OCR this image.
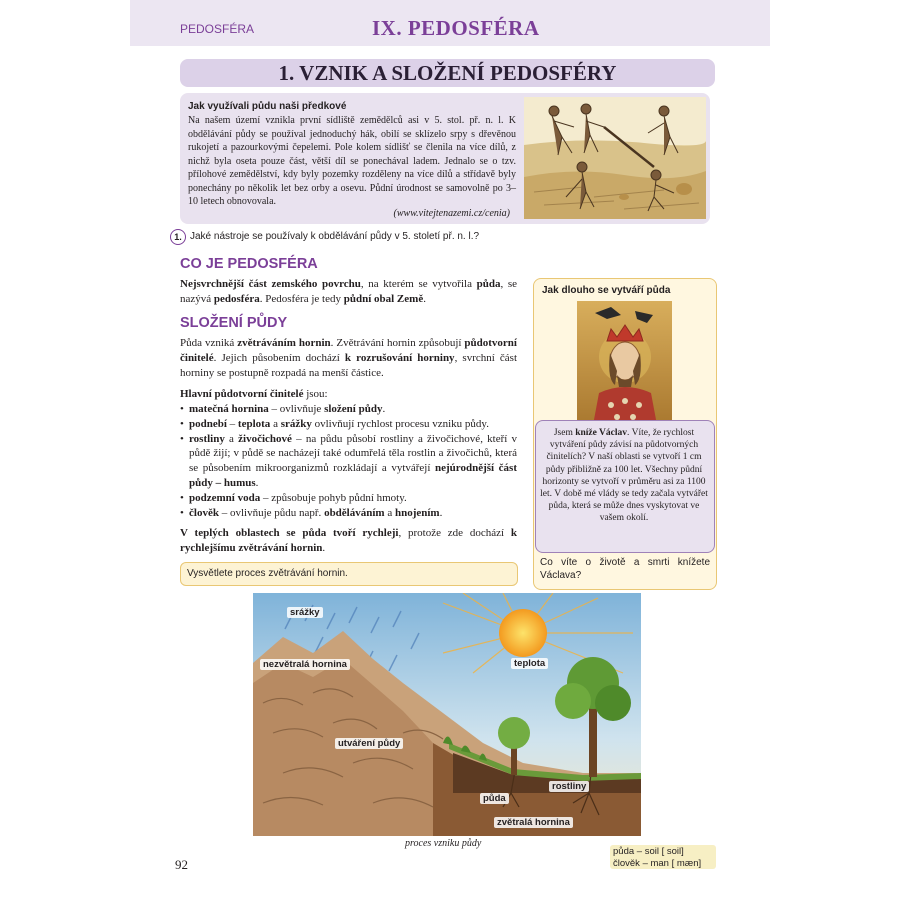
PEDOSFÉRA	IX. PEDOSFÉRA
1. VZNIK A SLOŽENÍ PEDOSFÉRY
Jak využívali půdu naši předkové
Na našem území vznikla první sídliště zemědělců asi v 5. stol. př. n. l. K obdělávání půdy se používal jednoduchý hák, obilí se sklízelo srpy s dřevěnou rukojetí a pazourkovými čepelemi. Pole kolem sídlišť se členila na více dílů, z nichž byla oseta pouze část, větší díl se ponechával ladem. Jednalo se o tzv. přílohové zemědělství, kdy byly pozemky rozděleny na více dílů a střídavě byly ponechány po několik let bez orby a osevu. Půdní úrodnost se samovolně po 3–10 letech obnovovala.
(www.vitejtenazemi.cz/cenia)
1. Jaké nástroje se používaly k obdělávání půdy v 5. století př. n. l.?
CO JE PEDOSFÉRA
Nejsvrchnější část zemského povrchu, na kterém se vytvořila půda, se nazývá pedosféra. Pedosféra je tedy půdní obal Země.
SLOŽENÍ PŮDY
Půda vzniká zvětráváním hornin. Zvětrávání hornin způsobují půdotvorní činitelé. Jejich působením dochází k rozrušování horniny, svrchní část horniny se postupně rozpadá na menší částice.
Hlavní půdotvorní činitelé jsou:
• matečná hornina – ovlivňuje složení půdy.
• podnebí – teplota a srážky ovlivňují rychlost procesu vzniku půdy.
• rostliny a živočichové – na půdu působí rostliny a živočichové, kteří v půdě žijí; v půdě se nacházejí také odumřelá těla rostlin a živočichů, která se působením mikroorganizmů rozkládají a vytvářejí nejúrodnější část půdy – humus.
• podzemní voda – způsobuje pohyb půdní hmoty.
• člověk – ovlivňuje půdu např. obděláváním a hnojením.
V teplých oblastech se půda tvoří rychleji, protože zde dochází k rychlejšímu zvětrávání hornin.
Vysvětlete proces zvětrávání hornin.
Jak dlouho se vytváří půda
Jsem kníže Václav. Víte, že rychlost vytváření půdy závisí na půdotvorných činitelích? V naší oblasti se vytvoří 1 cm půdy přibližně za 100 let. Všechny půdní horizonty se vytvoří v průměru asi za 1100 let. V době mé vlády se tedy začala vytvářet půda, která se může dnes vyskytovat ve vašem okolí.
Co víte o životě a smrti knížete Václava?
srážky
nezvětralá hornina	teplota
utváření půdy
rostliny
půda
zvětralá hornina
proces vzniku půdy
92
půda – soil [ soil]
člověk – man [ mæn]
